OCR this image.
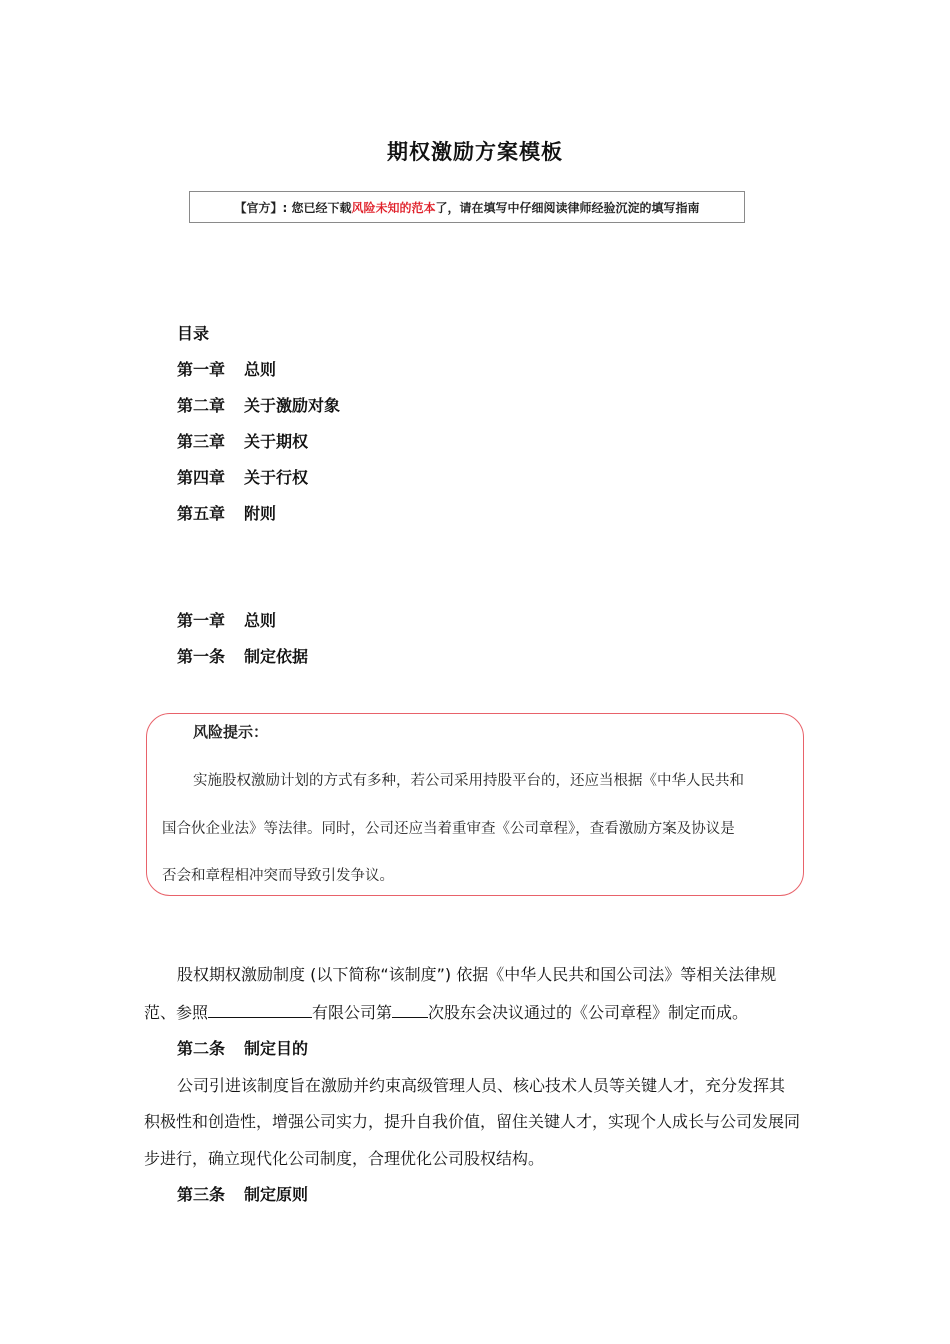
期权激励方案模板
【官方】: 您已经下载 风险未知的范本 了，请在填写中仔细阅读律师经验沉淀的填写指南
目录
第一章 总则
第二章 关于激励对象
第三章 关于期权
第四章 关于行权
第五章 附则
第一章 总则
第一条 制定依据
风险提示：
实施股权激励计划的方式有多种，若公司采用持股平台的，还应当根据《中华人民共和
国合伙企业法》等法律。同时，公司还应当着重审查《公司章程》，查看激励方案及协议是
否会和章程相冲突而导致引发争议。
股权期权激励制度 (以下简称“该制度”) 依据《中华人民共和国公司法》等相关法律规
范、参照	有限公司第 次股东会决议通过的《公司章程》制定而成。
第二条 制定目的
公司引进该制度旨在激励并约束高级管理人员、核心技术人员等关键人才，充分发挥其
积极性和创造性，增强公司实力，提升自我价值，留住关键人才，实现个人成长与公司发展同
步进行，确立现代化公司制度，合理优化公司股权结构。
第三条 制定原则
